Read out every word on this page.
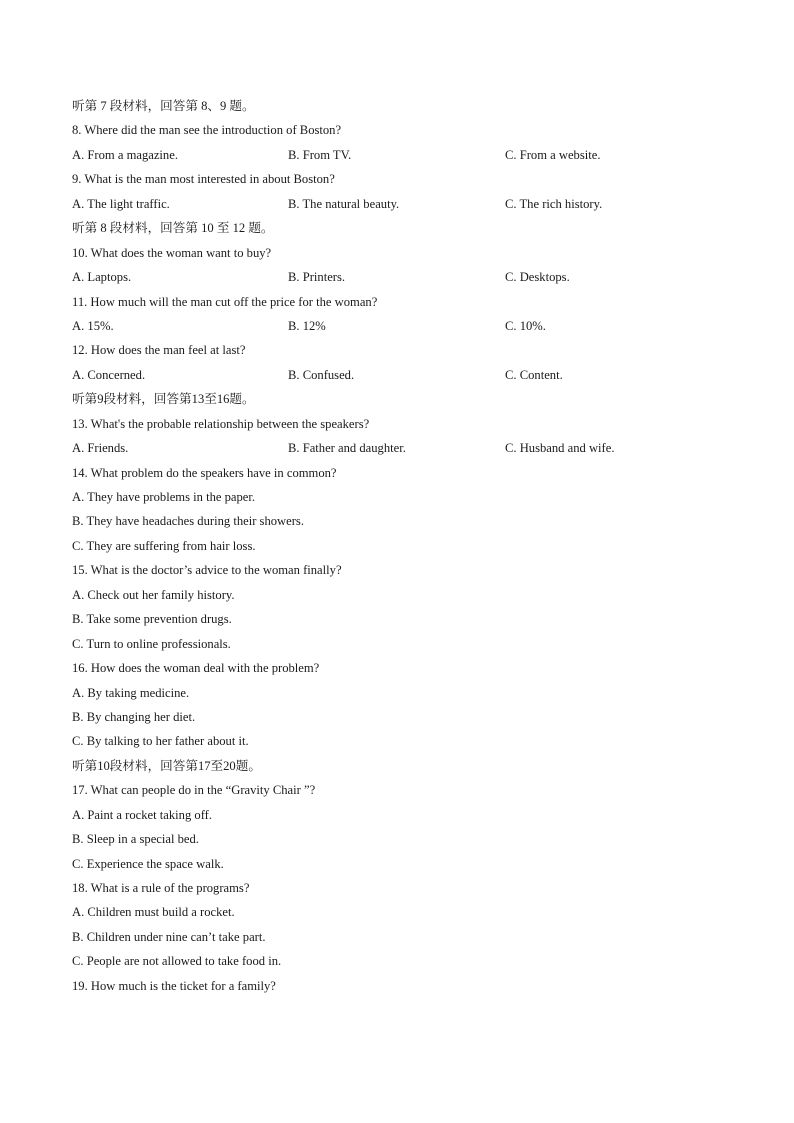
听第 7 段材料，回答第 8、9 题。
8. Where did the man see the introduction of Boston?
A. From a magazine.	B. From TV.	C. From a website.
9. What is the man most interested in about Boston?
A. The light traffic.	B. The natural beauty.	C. The rich history.
听第 8 段材料，回答第 10 至 12 题。
10. What does the woman want to buy?
A. Laptops.	B. Printers.	C. Desktops.
11. How much will the man cut off the price for the woman?
A. 15%.	B. 12%	C. 10%.
12. How does the man feel at last?
A. Concerned.	B. Confused.	C. Content.
听第9段材料，回答第13至16题。
13. What's the probable relationship between the speakers?
A. Friends.	B. Father and daughter.	C. Husband and wife.
14. What problem do the speakers have in common?
A. They have problems in the paper.
B. They have headaches during their showers.
C. They are suffering from hair loss.
15. What is the doctor’s advice to the woman finally?
A. Check out her family history.
B. Take some prevention drugs.
C. Turn to online professionals.
16. How does the woman deal with the problem?
A. By taking medicine.
B. By changing her diet.
C. By talking to her father about it.
听第10段材料，回答第17至20题。
17. What can people do in the “Gravity Chair ”?
A. Paint a rocket taking off.
B. Sleep in a special bed.
C. Experience the space walk.
18. What is a rule of the programs?
A. Children must build a rocket.
B. Children under nine can’t take part.
C. People are not allowed to take food in.
19. How much is the ticket for a family?
